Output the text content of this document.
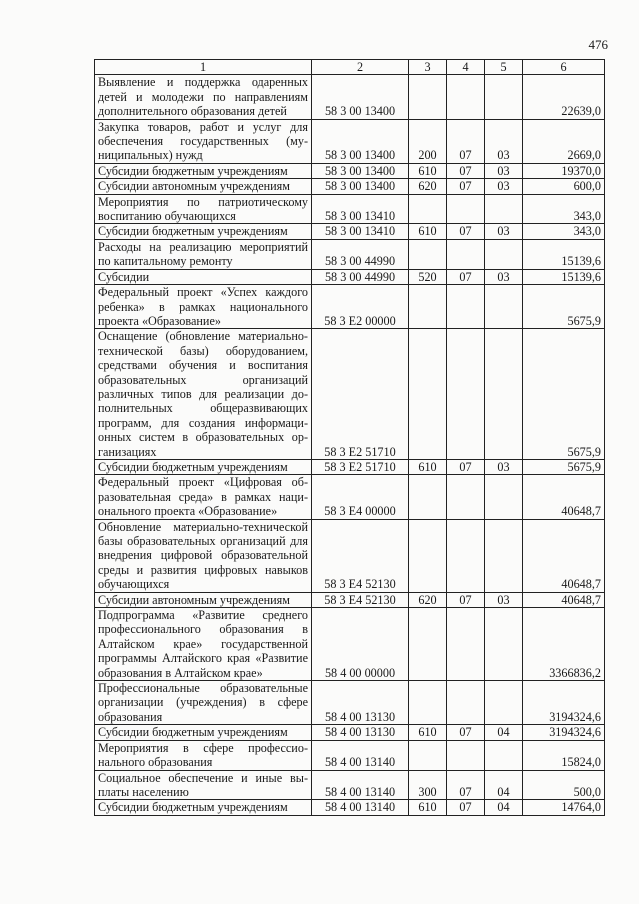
476
1	2	3	4	5	6
Выявление и поддержка одаренных детей и молодежи по направлениям дополнительного образования детей	58 3 00 13400				22639,0
Закупка товаров, работ и услуг для обеспечения государственных (муниципальных) нужд	58 3 00 13400	200	07	03	2669,0
Субсидии бюджетным учреждениям	58 3 00 13400	610	07	03	19370,0
Субсидии автономным учреждениям	58 3 00 13400	620	07	03	600,0
Мероприятия по патриотическому воспитанию обучающихся	58 3 00 13410				343,0
Субсидии бюджетным учреждениям	58 3 00 13410	610	07	03	343,0
Расходы на реализацию мероприятий по капитальному ремонту	58 3 00 44990				15139,6
Субсидии	58 3 00 44990	520	07	03	15139,6
Федеральный проект «Успех каждого ребенка» в рамках национального проекта «Образование»	58 3 E2 00000				5675,9
Оснащение (обновление материально-технической базы) оборудованием, средствами обучения и воспитания образовательных организаций различных типов для реализации дополнительных общеразвивающих программ, для создания информационных систем в образовательных организациях	58 3 E2 51710				5675,9
Субсидии бюджетным учреждениям	58 3 E2 51710	610	07	03	5675,9
Федеральный проект «Цифровая образовательная среда» в рамках национального проекта «Образование»	58 3 E4 00000				40648,7
Обновление материально-технической базы образовательных организаций для внедрения цифровой образовательной среды и развития цифровых навыков обучающихся	58 3 E4 52130				40648,7
Субсидии автономным учреждениям	58 3 E4 52130	620	07	03	40648,7
Подпрограмма «Развитие среднего профессионального образования в Алтайском крае» государственной программы Алтайского края «Развитие образования в Алтайском крае»	58 4 00 00000				3366836,2
Профессиональные образовательные организации (учреждения) в сфере образования	58 4 00 13130				3194324,6
Субсидии бюджетным учреждениям	58 4 00 13130	610	07	04	3194324,6
Мероприятия в сфере профессионального образования	58 4 00 13140				15824,0
Социальное обеспечение и иные выплаты населению	58 4 00 13140	300	07	04	500,0
Субсидии бюджетным учреждениям	58 4 00 13140	610	07	04	14764,0
